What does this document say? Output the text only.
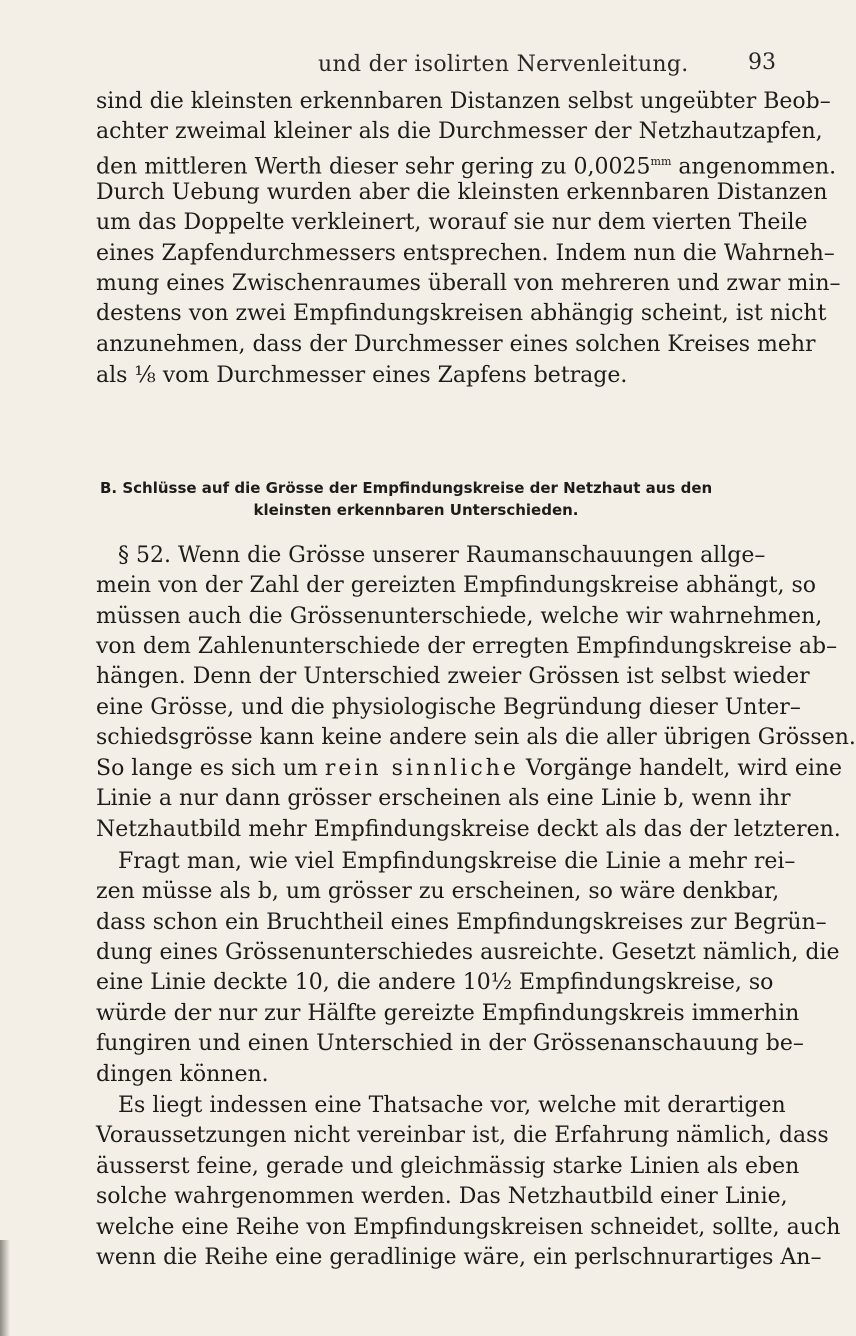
und der isolirten Nervenleitung.	93
sind die kleinsten erkennbaren Distanzen selbst ungeübter Beob–
achter zweimal kleiner als die Durchmesser der Netzhautzapfen,
den mittleren Werth dieser sehr gering zu $0,0025^{mm}$ angenommen.
Durch Uebung wurden aber die kleinsten erkennbaren Distanzen
um das Doppelte verkleinert, worauf sie nur dem vierten Theile
eines Zapfendurchmessers entsprechen. Indem nun die Wahrneh–
mung eines Zwischenraumes überall von mehreren und zwar min–
destens von zwei Empfindungskreisen abhängig scheint, ist nicht
anzunehmen, dass der Durchmesser eines solchen Kreises mehr
als ⅛ vom Durchmesser eines Zapfens betrage.
B. Schlüsse auf die Grösse der Empfindungskreise der Netzhaut aus den
kleinsten erkennbaren Unterschieden.
§ 52. Wenn die Grösse unserer Raumanschauungen allge–
mein von der Zahl der gereizten Empfindungskreise abhängt, so
müssen auch die Grössenunterschiede, welche wir wahrnehmen,
von dem Zahlenunterschiede der erregten Empfindungskreise ab–
hängen. Denn der Unterschied zweier Grössen ist selbst wieder
eine Grösse, und die physiologische Begründung dieser Unter–
schiedsgrösse kann keine andere sein als die aller übrigen Grössen.
So lange es sich um rein sinnliche Vorgänge handelt, wird eine
Linie a nur dann grösser erscheinen als eine Linie b, wenn ihr
Netzhautbild mehr Empfindungskreise deckt als das der letzteren.
Fragt man, wie viel Empfindungskreise die Linie a mehr rei–
zen müsse als b, um grösser zu erscheinen, so wäre denkbar,
dass schon ein Bruchtheil eines Empfindungskreises zur Begrün–
dung eines Grössenunterschiedes ausreichte. Gesetzt nämlich, die
eine Linie deckte 10, die andere 10½ Empfindungskreise, so
würde der nur zur Hälfte gereizte Empfindungskreis immerhin
fungiren und einen Unterschied in der Grössenanschauung be–
dingen können.
Es liegt indessen eine Thatsache vor, welche mit derartigen
Voraussetzungen nicht vereinbar ist, die Erfahrung nämlich, dass
äusserst feine, gerade und gleichmässig starke Linien als eben
solche wahrgenommen werden. Das Netzhautbild einer Linie,
welche eine Reihe von Empfindungskreisen schneidet, sollte, auch
wenn die Reihe eine geradlinige wäre, ein perlschnurartiges An–
